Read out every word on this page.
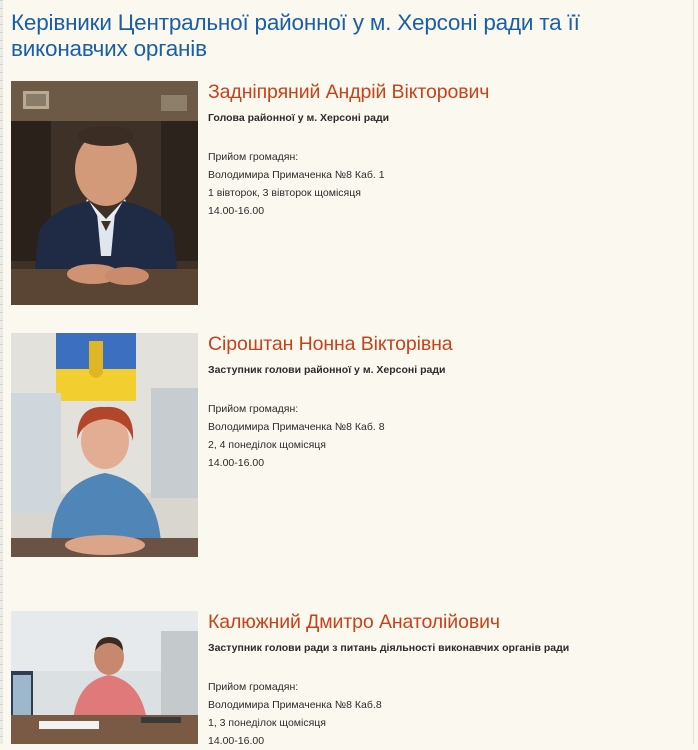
Керівники Центральної районної у м. Херсоні ради та її виконавчих органів
Задніпряний Андрій Вікторович
Голова районної у м. Херсоні ради
Прийом громадян:
Володимира Примаченка №8 Каб. 1
1 вівторок, 3 вівторок щомісяця
14.00-16.00
Сіроштан Нонна Вікторівна
Заступник голови районної у м. Херсоні ради
Прийом громадян:
Володимира Примаченка №8 Каб. 8
2, 4 понеділок щомісяця
14.00-16.00
Калюжний Дмитро Анатолійович
Заступник голови ради з питань діяльності виконавчих органів ради
Прийом громадян:
Володимира Примаченка №8 Каб.8
1, 3 понеділок щомісяця
14.00-16.00
